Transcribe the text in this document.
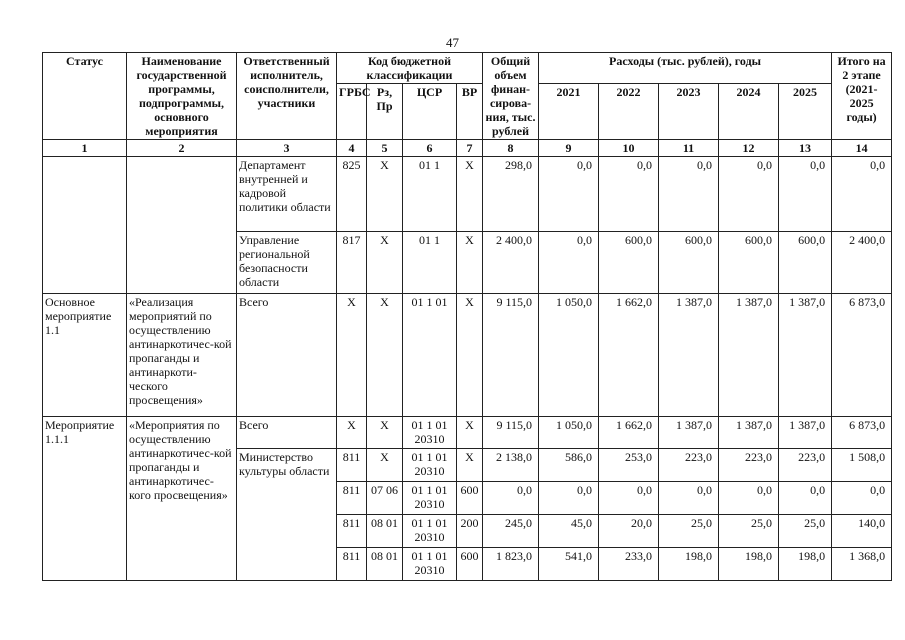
47
Статус	Наименование государственной программы, подпрограммы, основного мероприятия	Ответственный исполнитель, соисполнители, участники	Код бюджетной классификации				Общий объем финан-сирова-ния, тыс. рублей	Расходы (тыс. рублей), годы					Итого на 2 этапе (2021-2025 годы)
			ГРБС	Рз, Пр	ЦСР	ВР		2021	2022	2023	2024	2025	
1	2	3	4	5	6	7	8	9	10	11	12	13	14
		Департамент внутренней и кадровой политики области	825	Х	01 1	Х	298,0	0,0	0,0	0,0	0,0	0,0	0,0
		Управление региональной безопасности области	817	Х	01 1	Х	2 400,0	0,0	600,0	600,0	600,0	600,0	2 400,0
Основное мероприятие 1.1	«Реализация мероприятий по осуществлению антинаркотичес-кой пропаганды и антинаркоти-ческого просвещения»	Всего	Х	Х	01 1 01	Х	9 115,0	1 050,0	1 662,0	1 387,0	1 387,0	1 387,0	6 873,0
Мероприятие 1.1.1	«Мероприятия по осуществлению антинаркотичес-кой пропаганды и антинаркотичес-кого просвещения»	Всего	Х	Х	01 1 01 20310	Х	9 115,0	1 050,0	1 662,0	1 387,0	1 387,0	1 387,0	6 873,0
		Министерство культуры области	811	Х	01 1 01 20310	Х	2 138,0	586,0	253,0	223,0	223,0	223,0	1 508,0
			811	07 06	01 1 01 20310	600	0,0	0,0	0,0	0,0	0,0	0,0	0,0
			811	08 01	01 1 01 20310	200	245,0	45,0	20,0	25,0	25,0	25,0	140,0
			811	08 01	01 1 01 20310	600	1 823,0	541,0	233,0	198,0	198,0	198,0	1 368,0
